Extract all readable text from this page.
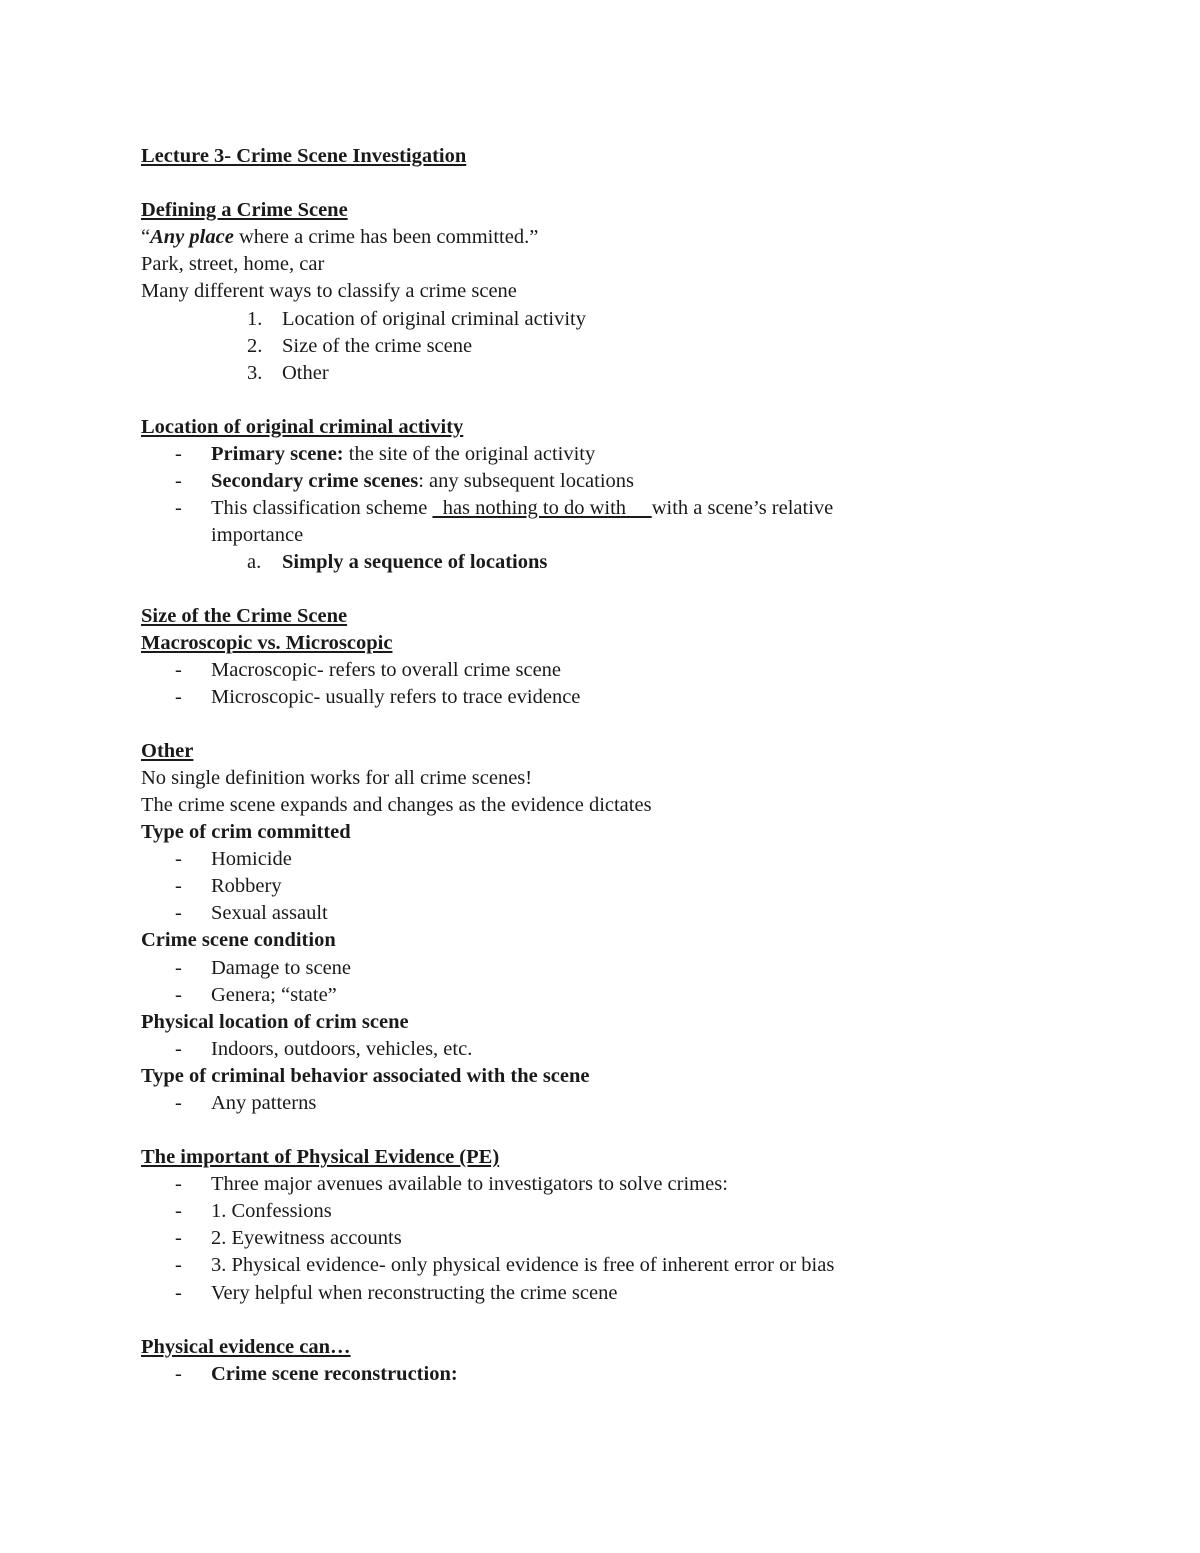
Lecture 3- Crime Scene Investigation
Defining a Crime Scene
“Any place where a crime has been committed.”
Park, street, home, car
Many different ways to classify a crime scene
1. Location of original criminal activity
2. Size of the crime scene
3. Other
Location of original criminal activity
- Primary scene: the site of the original activity
- Secondary crime scenes: any subsequent locations
- This classification scheme   has nothing to do with     with a scene’s relative
importance
a. Simply a sequence of locations
Size of the Crime Scene
Macroscopic vs. Microscopic
- Macroscopic- refers to overall crime scene
- Microscopic- usually refers to trace evidence
Other
No single definition works for all crime scenes!
The crime scene expands and changes as the evidence dictates
Type of crim committed
- Homicide
- Robbery
- Sexual assault
Crime scene condition
- Damage to scene
- Genera; “state”
Physical location of crim scene
- Indoors, outdoors, vehicles, etc.
Type of criminal behavior associated with the scene
- Any patterns
The important of Physical Evidence (PE)
- Three major avenues available to investigators to solve crimes:
- 1. Confessions
- 2. Eyewitness accounts
- 3. Physical evidence- only physical evidence is free of inherent error or bias
- Very helpful when reconstructing the crime scene
Physical evidence can…
- Crime scene reconstruction:
